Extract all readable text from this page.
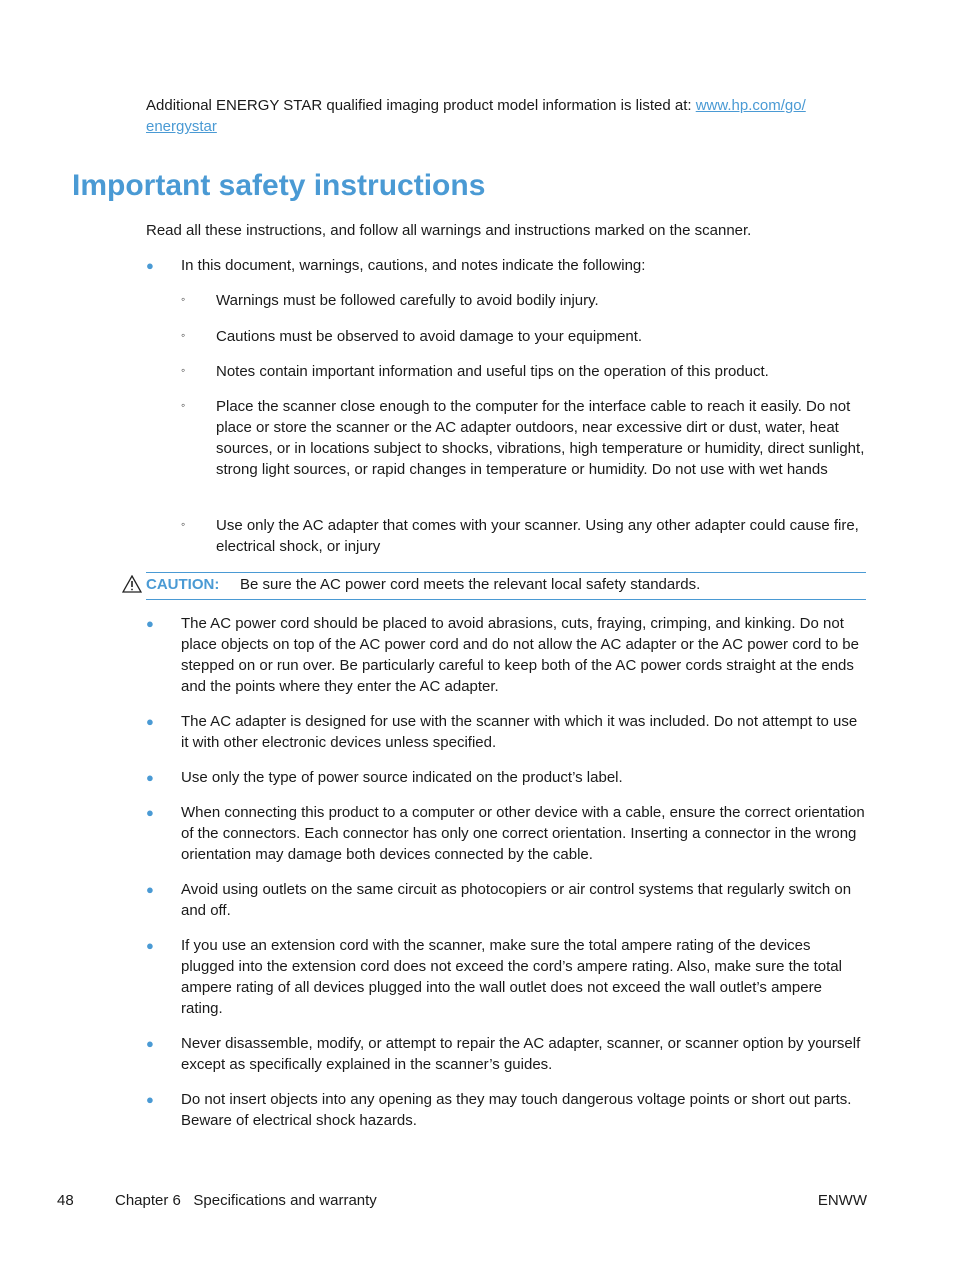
Additional ENERGY STAR qualified imaging product model information is listed at: www.hp.com/go/
energystar
Important safety instructions

Read all these instructions, and follow all warnings and instructions marked on the scanner.

● In this document, warnings, cautions, and notes indicate the following:
◦ Warnings must be followed carefully to avoid bodily injury.
◦ Cautions must be observed to avoid damage to your equipment.
◦ Notes contain important information and useful tips on the operation of this product.
◦ Place the scanner close enough to the computer for the interface cable to reach it easily. Do not place or store the scanner or the AC adapter outdoors, near excessive dirt or dust, water, heat sources, or in locations subject to shocks, vibrations, high temperature or humidity, direct sunlight, strong light sources, or rapid changes in temperature or humidity. Do not use with wet hands
◦ Use only the AC adapter that comes with your scanner. Using any other adapter could cause fire, electrical shock, or injury
CAUTION: Be sure the AC power cord meets the relevant local safety standards.
● The AC power cord should be placed to avoid abrasions, cuts, fraying, crimping, and kinking. Do not place objects on top of the AC power cord and do not allow the AC adapter or the AC power cord to be stepped on or run over. Be particularly careful to keep both of the AC power cords straight at the ends and the points where they enter the AC adapter.
● The AC adapter is designed for use with the scanner with which it was included. Do not attempt to use it with other electronic devices unless specified.
● Use only the type of power source indicated on the product’s label.
● When connecting this product to a computer or other device with a cable, ensure the correct orientation of the connectors. Each connector has only one correct orientation. Inserting a connector in the wrong orientation may damage both devices connected by the cable.
● Avoid using outlets on the same circuit as photocopiers or air control systems that regularly switch on and off.
● If you use an extension cord with the scanner, make sure the total ampere rating of the devices plugged into the extension cord does not exceed the cord’s ampere rating. Also, make sure the total ampere rating of all devices plugged into the wall outlet does not exceed the wall outlet’s ampere rating.
● Never disassemble, modify, or attempt to repair the AC adapter, scanner, or scanner option by yourself except as specifically explained in the scanner’s guides.
● Do not insert objects into any opening as they may touch dangerous voltage points or short out parts. Beware of electrical shock hazards.
48	Chapter 6   Specifications and warranty	ENWW
